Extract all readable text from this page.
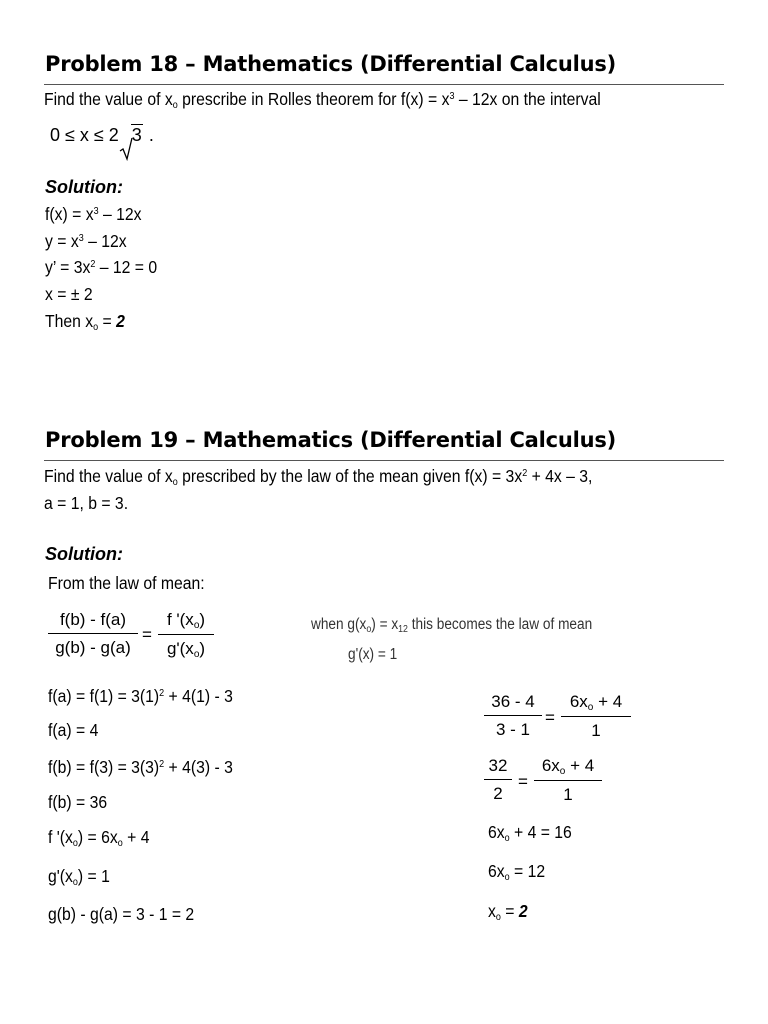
Problem 18 – Mathematics (Differential Calculus)
Find the value of $x_o$ prescribe in Rolles theorem for $f(x) = x^3 - 12x$ on the interval
0 ≤ x ≤ 2 3 .
Solution:
$f(x) = x^3 - 12x$
$y = x^3 - 12x$
y’ = $3x^2 - 12 = 0$
x = ± 2
Then $x_o = 2$
Problem 19 – Mathematics (Differential Calculus)
Find the value of $x_o$ prescribed by the law of the mean given $f(x) = 3x^2 + 4x - 3$,
a = 1, b = 3.
Solution:
From the law of mean:
$\frac{f(b) - f(a)}{g(b) - g(a)} = \frac{f '(x_o)}{g'(x_o)}$	when $g(x_o) = x_{12}$ this becomes the law of mean
g'(x) = 1
$f(a) = f(1) = 3(1)^2 + 4(1) - 3$
f(a) = 4
$f(b) = f(3) = 3(3)^2 + 4(3) - 3$
f(b) = 36
f '$(x_o) = 6x_o + 4$
$g'(x_o) = 1$
g(b) - g(a) = 3 - 1 = 2
$\frac{36 - 4}{3 - 1} = \frac{6x_o + 4}{1}$
$\frac{32}{2} = \frac{6x_o + 4}{1}$
$6x_o + 4 = 16$
$6x_o = 12$
$x_o = 2$
